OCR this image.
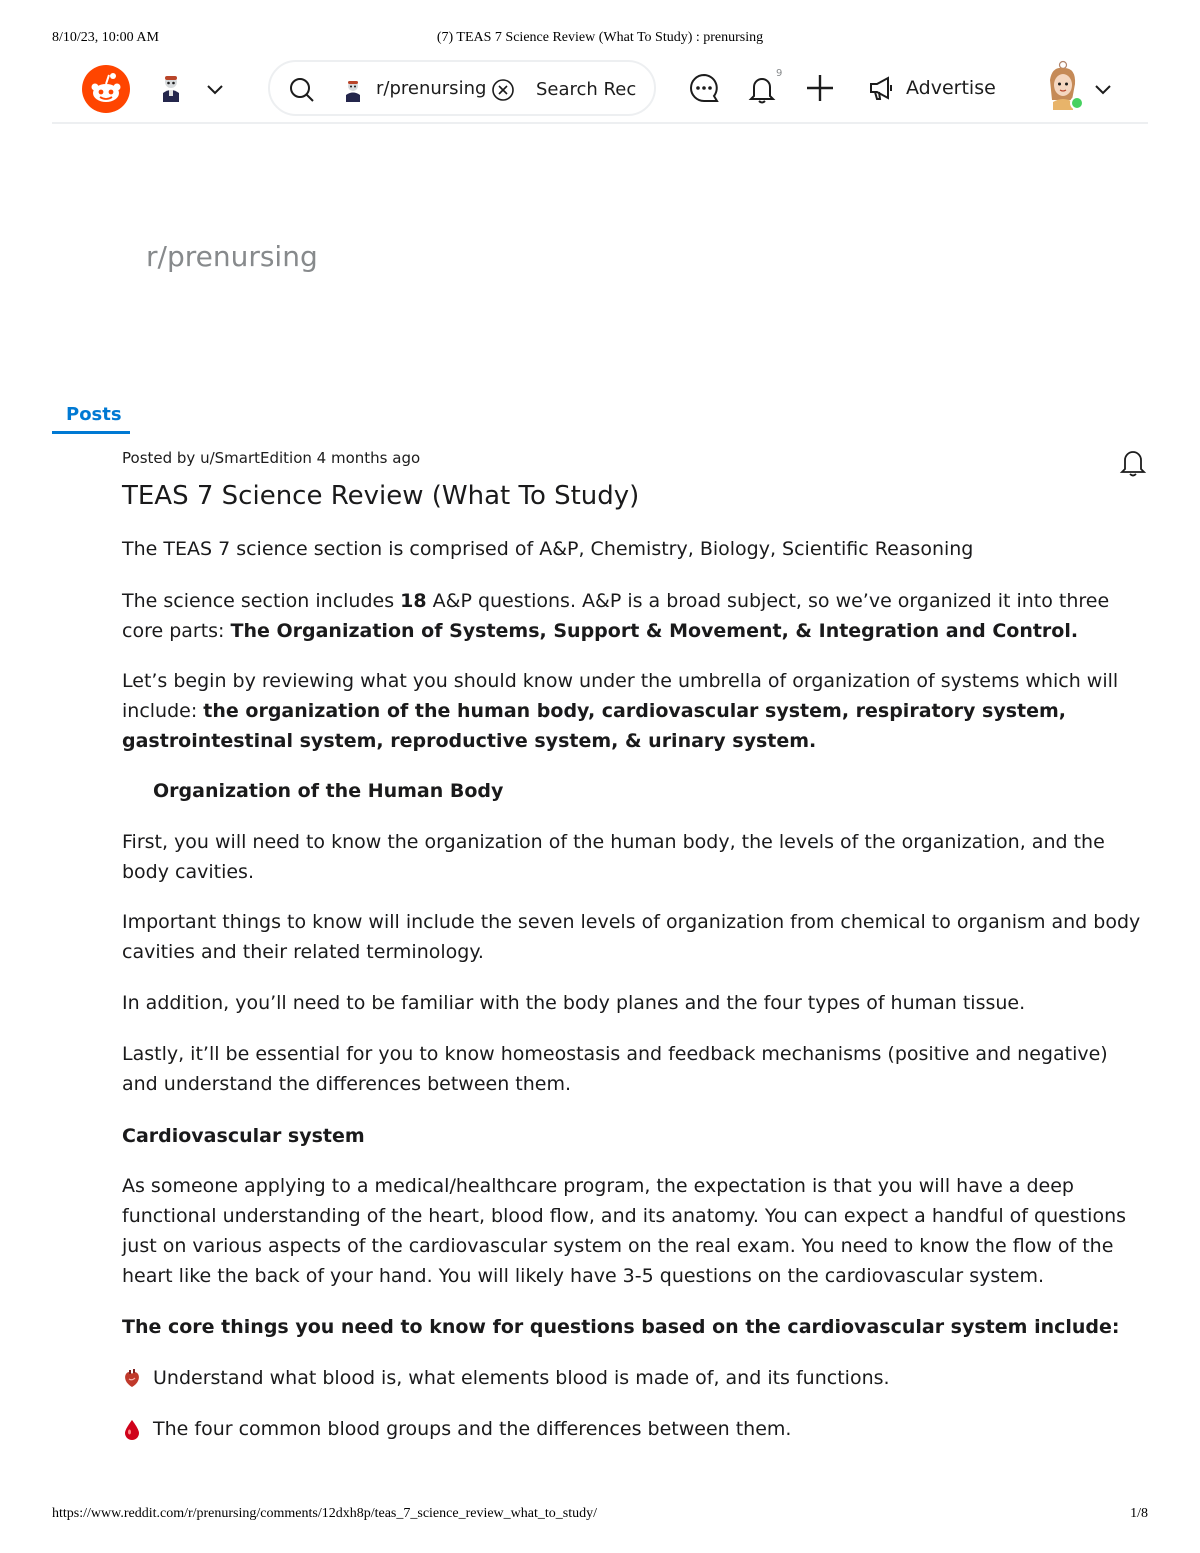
8/10/23, 10:00 AM	(7) TEAS 7 Science Review (What To Study) : prenursing
https://www.reddit.com/r/prenursing/comments/12dxh8p/teas_7_science_review_what_to_study/	1/8
r/prenursing	Search Rec
9
Advertise
r/prenursing
Posts
Posted by u/SmartEdition 4 months ago
TEAS 7 Science Review (What To Study)

The TEAS 7 science section is comprised of A&P, Chemistry, Biology, Scientific Reasoning

The science section includes 18 A&P questions. A&P is a broad subject, so we’ve organized it into three core parts: The Organization of Systems, Support & Movement, & Integration and Control.

Let’s begin by reviewing what you should know under the umbrella of organization of systems which will include: the organization of the human body, cardiovascular system, respiratory system, gastrointestinal system, reproductive system, & urinary system.

Organization of the Human Body

First, you will need to know the organization of the human body, the levels of the organization, and the body cavities.

Important things to know will include the seven levels of organization from chemical to organism and body cavities and their related terminology.

In addition, you’ll need to be familiar with the body planes and the four types of human tissue.

Lastly, it’ll be essential for you to know homeostasis and feedback mechanisms (positive and negative) and understand the differences between them.

Cardiovascular system

As someone applying to a medical/healthcare program, the expectation is that you will have a deep functional understanding of the heart, blood flow, and its anatomy. You can expect a handful of questions just on various aspects of the cardiovascular system on the real exam. You need to know the flow of the heart like the back of your hand. You will likely have 3-5 questions on the cardiovascular system.

The core things you need to know for questions based on the cardiovascular system include:

Understand what blood is, what elements blood is made of, and its functions.

The four common blood groups and the differences between them.
